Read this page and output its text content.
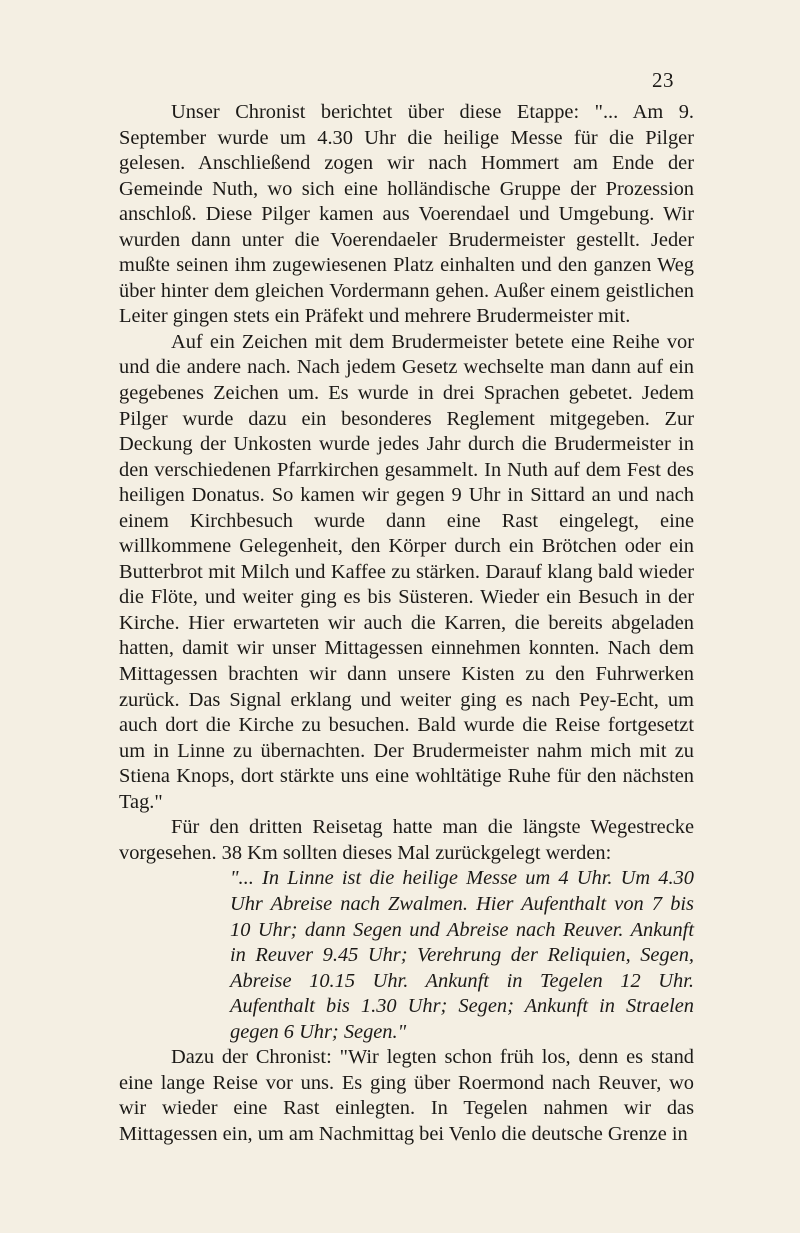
23

Unser Chronist berichtet über diese Etappe: "... Am 9. September wurde um 4.30 Uhr die heilige Messe für die Pilger gelesen. Anschließend zogen wir nach Hommert am Ende der Gemeinde Nuth, wo sich eine holländische Gruppe der Prozession anschloß. Diese Pilger kamen aus Voerendael und Umgebung. Wir wurden dann unter die Voerendaeler Brudermeister gestellt. Jeder mußte seinen ihm zugewiesenen Platz einhalten und den ganzen Weg über hinter dem gleichen Vordermann gehen. Außer einem geistlichen Leiter gingen stets ein Präfekt und mehrere Brudermeister mit.

Auf ein Zeichen mit dem Brudermeister betete eine Reihe vor und die andere nach. Nach jedem Gesetz wechselte man dann auf ein gegebenes Zeichen um. Es wurde in drei Sprachen gebetet. Jedem Pilger wurde dazu ein besonderes Reglement mitgegeben. Zur Deckung der Unkosten wurde jedes Jahr durch die Brudermeister in den verschiedenen Pfarrkirchen gesammelt. In Nuth auf dem Fest des heiligen Donatus. So kamen wir gegen 9 Uhr in Sittard an und nach einem Kirchbesuch wurde dann eine Rast eingelegt, eine willkommene Gelegenheit, den Körper durch ein Brötchen oder ein Butterbrot mit Milch und Kaffee zu stärken. Darauf klang bald wieder die Flöte, und weiter ging es bis Süsteren. Wieder ein Besuch in der Kirche. Hier erwarteten wir auch die Karren, die bereits abgeladen hatten, damit wir unser Mittagessen einnehmen konnten. Nach dem Mittagessen brachten wir dann unsere Kisten zu den Fuhrwerken zurück. Das Signal erklang und weiter ging es nach Pey-Echt, um auch dort die Kirche zu besuchen. Bald wurde die Reise fortgesetzt um in Linne zu übernachten. Der Brudermeister nahm mich mit zu Stiena Knops, dort stärkte uns eine wohltätige Ruhe für den nächsten Tag."

Für den dritten Reisetag hatte man die längste Wegestrecke vorgesehen. 38 Km sollten dieses Mal zurückgelegt werden:

"... In Linne ist die heilige Messe um 4 Uhr. Um 4.30 Uhr Abreise nach Zwalmen. Hier Aufenthalt von 7 bis 10 Uhr; dann Segen und Abreise nach Reuver. Ankunft in Reuver 9.45 Uhr; Verehrung der Reliquien, Segen, Abreise 10.15 Uhr. Ankunft in Tegelen 12 Uhr. Aufenthalt bis 1.30 Uhr; Segen; Ankunft in Straelen gegen 6 Uhr; Segen."

Dazu der Chronist: "Wir legten schon früh los, denn es stand eine lange Reise vor uns. Es ging über Roermond nach Reuver, wo wir wieder eine Rast einlegten. In Tegelen nahmen wir das Mittagessen ein, um am Nachmittag bei Venlo die deutsche Grenze in
